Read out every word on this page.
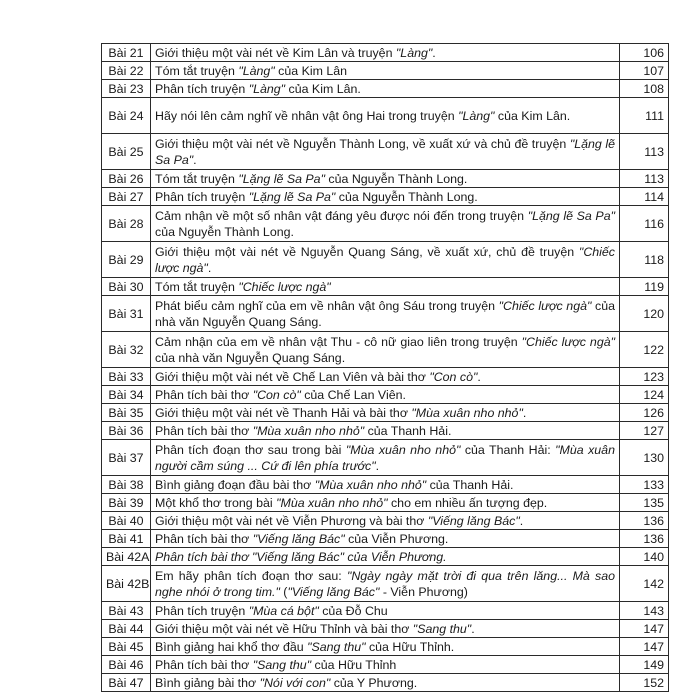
Bài 21	Giới thiệu một vài nét về Kim Lân và truyện "Làng".	106
Bài 22	Tóm tắt truyện "Làng" của Kim Lân	107
Bài 23	Phân tích truyện "Làng" của Kim Lân.	108
Bài 24	Hãy nói lên cảm nghĩ về nhân vật ông Hai trong truyện "Làng" của Kim Lân.	111
Bài 25	Giới thiệu một vài nét về Nguyễn Thành Long, về xuất xứ và chủ đề truyện "Lặng lẽ Sa Pa".	113
Bài 26	Tóm tắt truyện "Lặng lẽ Sa Pa" của Nguyễn Thành Long.	113
Bài 27	Phân tích truyện "Lặng lẽ Sa Pa" của Nguyễn Thành Long.	114
Bài 28	Cảm nhận về một số nhân vật đáng yêu được nói đến trong truyện "Lặng lẽ Sa Pa" của Nguyễn Thành Long.	116
Bài 29	Giới thiệu một vài nét về Nguyễn Quang Sáng, về xuất xứ, chủ đề truyện "Chiếc lược ngà".	118
Bài 30	Tóm tắt truyện "Chiếc lược ngà"	119
Bài 31	Phát biểu cảm nghĩ của em về nhân vật ông Sáu trong truyện "Chiếc lược ngà" của nhà văn Nguyễn Quang Sáng.	120
Bài 32	Cảm nhận của em về nhân vật Thu - cô nữ giao liên trong truyện "Chiếc lược ngà" của nhà văn Nguyễn Quang Sáng.	122
Bài 33	Giới thiệu một vài nét về Chế Lan Viên và bài thơ "Con cò".	123
Bài 34	Phân tích bài thơ "Con cò" của Chế Lan Viên.	124
Bài 35	Giới thiệu một vài nét về Thanh Hải và bài thơ "Mùa xuân nho nhỏ".	126
Bài 36	Phân tích bài thơ "Mùa xuân nho nhỏ" của Thanh Hải.	127
Bài 37	Phân tích đoạn thơ sau trong bài "Mùa xuân nho nhỏ" của Thanh Hải: "Mùa xuân người cầm súng ... Cứ đi lên phía trước".	130
Bài 38	Bình giảng đoạn đầu bài thơ "Mùa xuân nho nhỏ" của Thanh Hải.	133
Bài 39	Một khổ thơ trong bài "Mùa xuân nho nhỏ" cho em nhiều ấn tượng đẹp.	135
Bài 40	Giới thiệu một vài nét về Viễn Phương và bài thơ "Viếng lăng Bác".	136
Bài 41	Phân tích bài thơ "Viếng lăng Bác" của Viễn Phương.	136
Bài 42A	Phân tích bài thơ "Viếng lăng Bác" của Viễn Phương.	140
Bài 42B	Em hãy phân tích đoạn thơ sau: "Ngày ngày mặt trời đi qua trên lăng... Mà sao nghe nhói ở trong tim." ("Viếng lăng Bác" - Viễn Phương)	142
Bài 43	Phân tích truyện "Mùa cá bột" của Đỗ Chu	143
Bài 44	Giới thiệu một vài nét về Hữu Thỉnh và bài thơ "Sang thu".	147
Bài 45	Bình giảng hai khổ thơ đầu "Sang thu" của Hữu Thỉnh.	147
Bài 46	Phân tích bài thơ "Sang thu" của Hữu Thỉnh	149
Bài 47	Bình giảng bài thơ "Nói với con" của Y Phương.	152
